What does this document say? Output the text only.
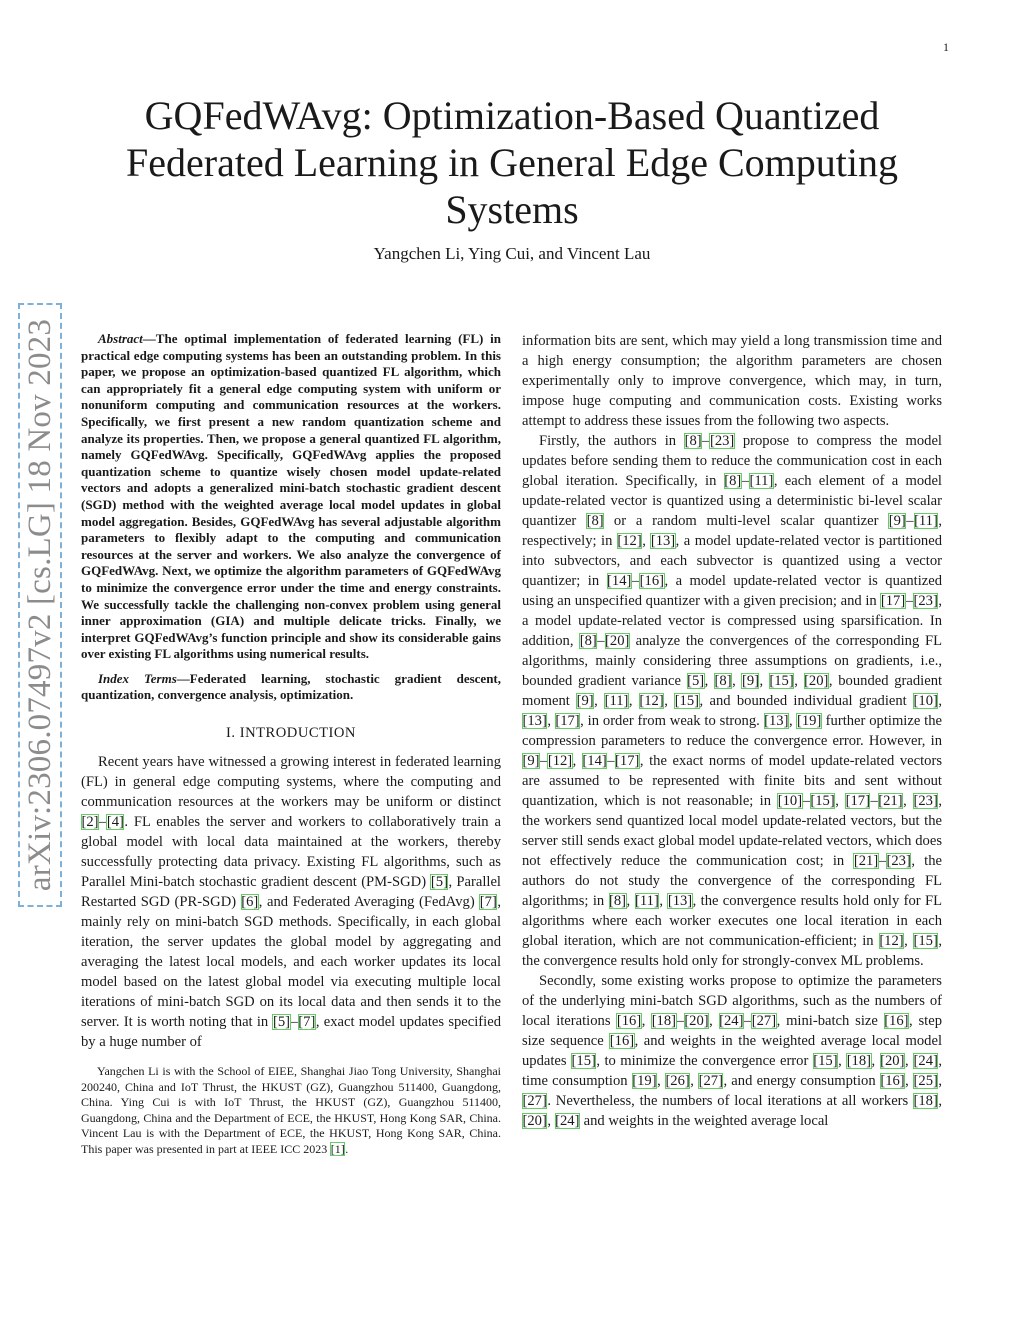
1
GQFedWAvg: Optimization-Based Quantized Federated Learning in General Edge Computing Systems
Yangchen Li, Ying Cui, and Vincent Lau
arXiv:2306.07497v2 [cs.LG] 18 Nov 2023	Abstract—The optimal implementation of federated learning (FL) in practical edge computing systems has been an outstanding problem. In this paper, we propose an optimization-based quantized FL algorithm, which can appropriately fit a general edge computing system with uniform or nonuniform computing and communication resources at the workers. Specifically, we first present a new random quantization scheme and analyze its properties. Then, we propose a general quantized FL algorithm, namely GQFedWAvg. Specifically, GQFedWAvg applies the proposed quantization scheme to quantize wisely chosen model update-related vectors and adopts a generalized mini-batch stochastic gradient descent (SGD) method with the weighted average local model updates in global model aggregation. Besides, GQFedWAvg has several adjustable algorithm parameters to flexibly adapt to the computing and communication resources at the server and workers. We also analyze the convergence of GQFedWAvg. Next, we optimize the algorithm parameters of GQFedWAvg to minimize the convergence error under the time and energy constraints. We successfully tackle the challenging non-convex problem using general inner approximation (GIA) and multiple delicate tricks. Finally, we interpret GQFedWAvg’s function principle and show its considerable gains over existing FL algorithms using numerical results.

Index Terms—Federated learning, stochastic gradient descent, quantization, convergence analysis, optimization.

I. INTRODUCTION

Recent years have witnessed a growing interest in federated learning (FL) in general edge computing systems, where the computing and communication resources at the workers may be uniform or distinct [2]–[4]. FL enables the server and workers to collaboratively train a global model with local data maintained at the workers, thereby successfully protecting data privacy. Existing FL algorithms, such as Parallel Mini-batch stochastic gradient descent (PM-SGD) [5], Parallel Restarted SGD (PR-SGD) [6], and Federated Averaging (FedAvg) [7], mainly rely on mini-batch SGD methods. Specifically, in each global iteration, the server updates the global model by aggregating and averaging the latest local models, and each worker updates its local model based on the latest global model via executing multiple local iterations of mini-batch SGD on its local data and then sends it to the server. It is worth noting that in [5]–[7], exact model updates specified by a huge number of

Yangchen Li is with the School of EIEE, Shanghai Jiao Tong University, Shanghai 200240, China and IoT Thrust, the HKUST (GZ), Guangzhou 511400, Guangdong, China. Ying Cui is with IoT Thrust, the HKUST (GZ), Guangzhou 511400, Guangdong, China and the Department of ECE, the HKUST, Hong Kong SAR, China. Vincent Lau is with the Department of ECE, the HKUST, Hong Kong SAR, China. This paper was presented in part at IEEE ICC 2023 [1].

information bits are sent, which may yield a long transmission time and a high energy consumption; the algorithm parameters are chosen experimentally only to improve convergence, which may, in turn, impose huge computing and communication costs. Existing works attempt to address these issues from the following two aspects.

Firstly, the authors in [8]–[23] propose to compress the model updates before sending them to reduce the communication cost in each global iteration. Specifically, in [8]–[11], each element of a model update-related vector is quantized using a deterministic bi-level scalar quantizer [8] or a random multi-level scalar quantizer [9]–[11], respectively; in [12], [13], a model update-related vector is partitioned into subvectors, and each subvector is quantized using a vector quantizer; in [14]–[16], a model update-related vector is quantized using an unspecified quantizer with a given precision; and in [17]–[23], a model update-related vector is compressed using sparsification. In addition, [8]–[20] analyze the convergences of the corresponding FL algorithms, mainly considering three assumptions on gradients, i.e., bounded gradient variance [5], [8], [9], [15], [20], bounded gradient moment [9], [11], [12], [15], and bounded individual gradient [10], [13], [17], in order from weak to strong. [13], [19] further optimize the compression parameters to reduce the convergence error. However, in [9]–[12], [14]–[17], the exact norms of model update-related vectors are assumed to be represented with finite bits and sent without quantization, which is not reasonable; in [10]–[15], [17]–[21], [23], the workers send quantized local model update-related vectors, but the server still sends exact global model update-related vectors, which does not effectively reduce the communication cost; in [21]–[23], the authors do not study the convergence of the corresponding FL algorithms; in [8], [11], [13], the convergence results hold only for FL algorithms where each worker executes one local iteration in each global iteration, which are not communication-efficient; in [12], [15], the convergence results hold only for strongly-convex ML problems.

Secondly, some existing works propose to optimize the parameters of the underlying mini-batch SGD algorithms, such as the numbers of local iterations [16], [18]–[20], [24]–[27], mini-batch size [16], step size sequence [16], and weights in the weighted average local model updates [15], to minimize the convergence error [15], [18], [20], [24], time consumption [19], [26], [27], and energy consumption [16], [25], [27]. Nevertheless, the numbers of local iterations at all workers [18], [20], [24] and weights in the weighted average local
